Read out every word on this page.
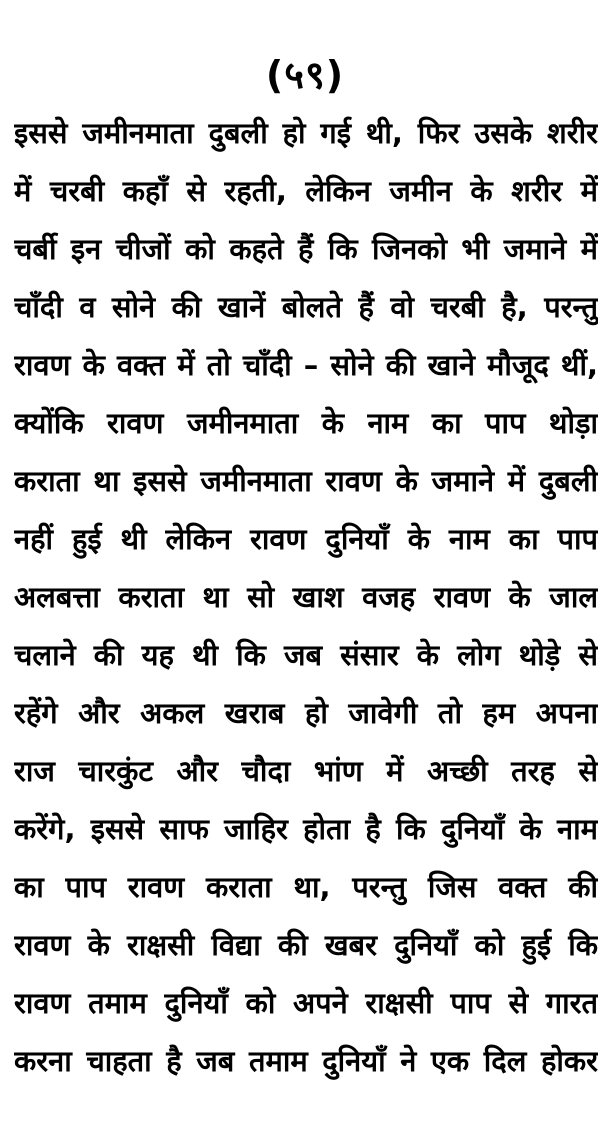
(५९)
इससे जमीनमाता दुबली हो गई थी, फिर उसके शरीर
में चरबी कहाँ से रहती, लेकिन जमीन के शरीर में
चर्बी इन चीजों को कहते हैं कि जिनको भी जमाने में
चाँदी व सोने की खानें बोलते हैं वो चरबी है, परन्तु
रावण के वक्त में तो चाँदी – सोने की खाने मौजूद थीं,
क्योंकि रावण जमीनमाता के नाम का पाप थोड़ा
कराता था इससे जमीनमाता रावण के जमाने में दुबली
नहीं हुई थी लेकिन रावण दुनियाँ के नाम का पाप
अलबत्ता कराता था सो खाश वजह रावण के जाल
चलाने की यह थी कि जब संसार के लोग थोड़े से
रहेंगे और अकल खराब हो जावेगी तो हम अपना
राज चारकुंट और चौदा भांण में अच्छी तरह से
करेंगे, इससे साफ जाहिर होता है कि दुनियाँ के नाम
का पाप रावण कराता था, परन्तु जिस वक्त की
रावण के राक्षसी विद्या की खबर दुनियाँ को हुई कि
रावण तमाम दुनियाँ को अपने राक्षसी पाप से गारत
करना चाहता है जब तमाम दुनियाँ ने एक दिल होकर
